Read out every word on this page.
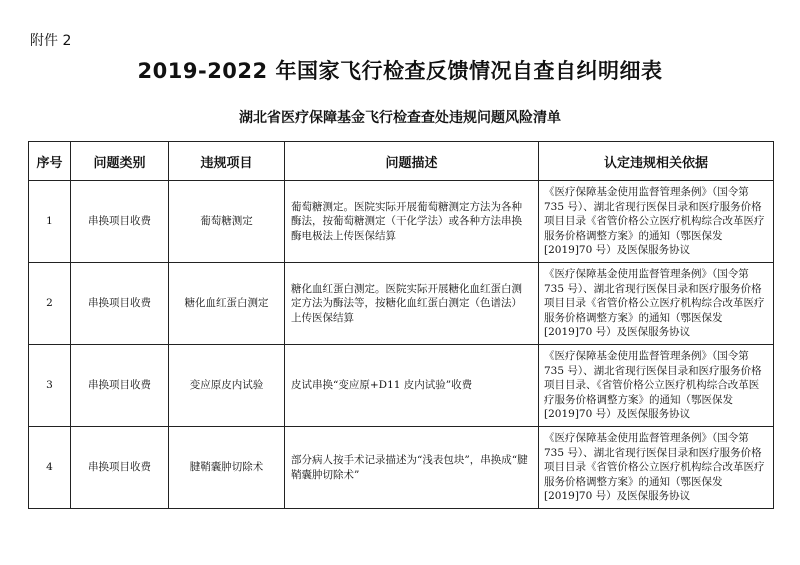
附件 2
2019-2022 年国家飞行检查反馈情况自查自纠明细表
湖北省医疗保障基金飞行检查查处违规问题风险清单
序号	问题类别	违规项目	问题描述	认定违规相关依据
1	串换项目收费	葡萄糖测定	葡萄糖测定。医院实际开展葡萄糖测定方法为各种酶法，按葡萄糖测定（干化学法）或各种方法串换酶电极法上传医保结算	《医疗保障基金使用监督管理条例》（国令第 735 号）、湖北省现行医保目录和医疗服务价格项目目录《省管价格公立医疗机构综合改革医疗服务价格调整方案》的通知（鄂医保发[2019]70 号）及医保服务协议
2	串换项目收费	糖化血红蛋白测定	糖化血红蛋白测定。医院实际开展糖化血红蛋白测定方法为酶法等，按糖化血红蛋白测定（色谱法）上传医保结算	《医疗保障基金使用监督管理条例》（国令第 735 号）、湖北省现行医保目录和医疗服务价格项目目录《省管价格公立医疗机构综合改革医疗服务价格调整方案》的通知（鄂医保发[2019]70 号）及医保服务协议
3	串换项目收费	变应原皮内试验	皮试串换“变应原+D11 皮内试验”收费	《医疗保障基金使用监督管理条例》（国令第 735 号）、湖北省现行医保目录和医疗服务价格项目目录、《省管价格公立医疗机构综合改革医疗服务价格调整方案》的通知（鄂医保发[2019]70 号）及医保服务协议
4	串换项目收费	腱鞘囊肿切除术	部分病人按手术记录描述为“浅表包块”，串换成“腱鞘囊肿切除术”	《医疗保障基金使用监督管理条例》（国令第 735 号）、湖北省现行医保目录和医疗服务价格项目目录《省管价格公立医疗机构综合改革医疗服务价格调整方案》的通知（鄂医保发[2019]70 号）及医保服务协议
